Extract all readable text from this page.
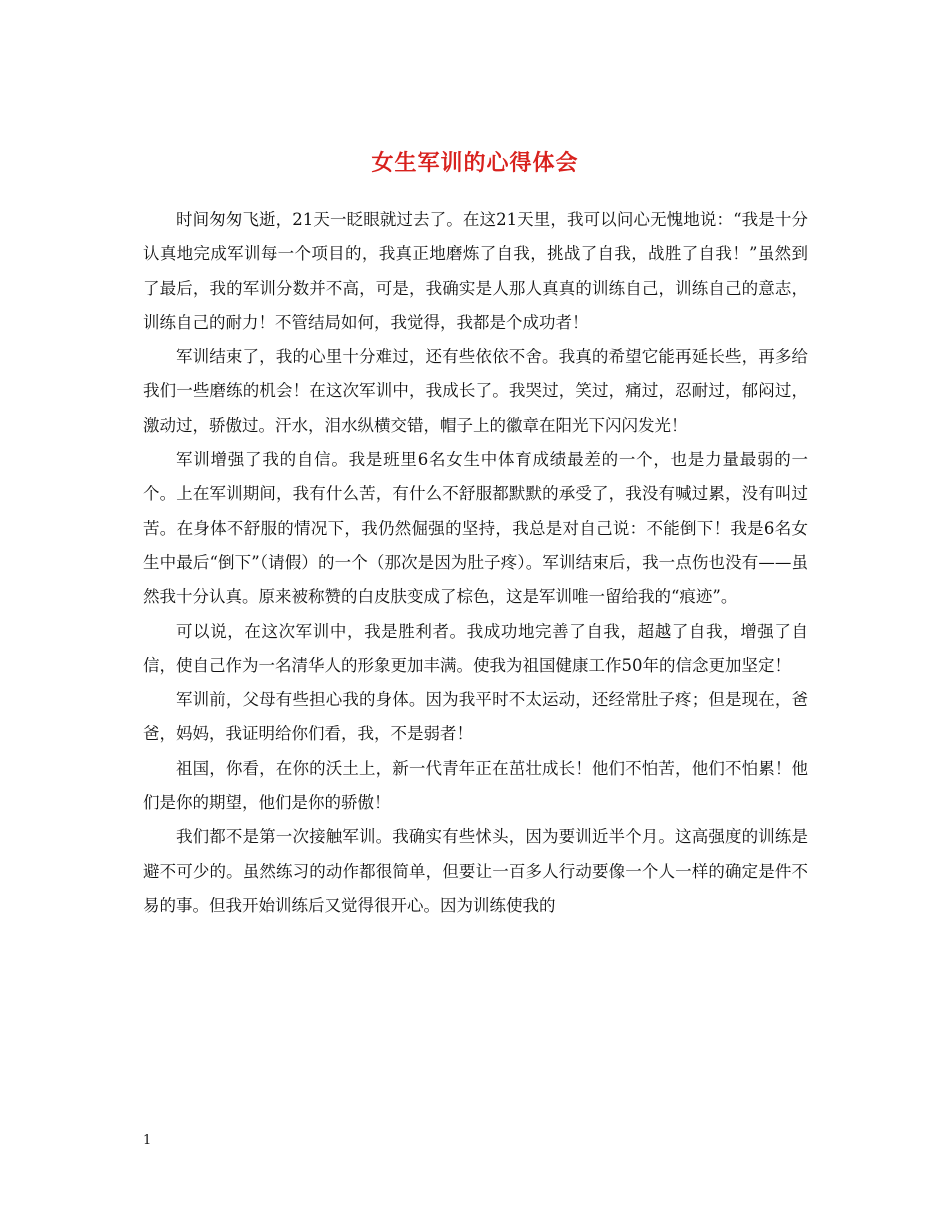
女生军训的心得体会

时间匆匆飞逝，21天一眨眼就过去了。在这21天里，我可以问心无愧地说：“我是十分认真地完成军训每一个项目的，我真正地磨炼了自我，挑战了自我，战胜了自我！”虽然到了最后，我的军训分数并不高，可是，我确实是人那人真真的训练自己，训练自己的意志，训练自己的耐力！不管结局如何，我觉得，我都是个成功者！

军训结束了，我的心里十分难过，还有些依依不舍。我真的希望它能再延长些，再多给我们一些磨练的机会！在这次军训中，我成长了。我哭过，笑过，痛过，忍耐过，郁闷过，激动过，骄傲过。汗水，泪水纵横交错，帽子上的徽章在阳光下闪闪发光！

军训增强了我的自信。我是班里6名女生中体育成绩最差的一个，也是力量最弱的一个。上在军训期间，我有什么苦，有什么不舒服都默默的承受了，我没有喊过累，没有叫过苦。在身体不舒服的情况下，我仍然倔强的坚持，我总是对自己说：不能倒下！我是6名女生中最后“倒下”（请假）的一个（那次是因为肚子疼）。军训结束后，我一点伤也没有——虽然我十分认真。原来被称赞的白皮肤变成了棕色，这是军训唯一留给我的“痕迹”。

可以说，在这次军训中，我是胜利者。我成功地完善了自我，超越了自我，增强了自信，使自己作为一名清华人的形象更加丰满。使我为祖国健康工作50年的信念更加坚定！

军训前，父母有些担心我的身体。因为我平时不太运动，还经常肚子疼；但是现在，爸爸，妈妈，我证明给你们看，我，不是弱者！

祖国，你看，在你的沃土上，新一代青年正在茁壮成长！他们不怕苦，他们不怕累！他们是你的期望，他们是你的骄傲！

我们都不是第一次接触军训。我确实有些怵头，因为要训近半个月。这高强度的训练是避不可少的。虽然练习的动作都很简单，但要让一百多人行动要像一个人一样的确定是件不易的事。但我开始训练后又觉得很开心。因为训练使我的

1
